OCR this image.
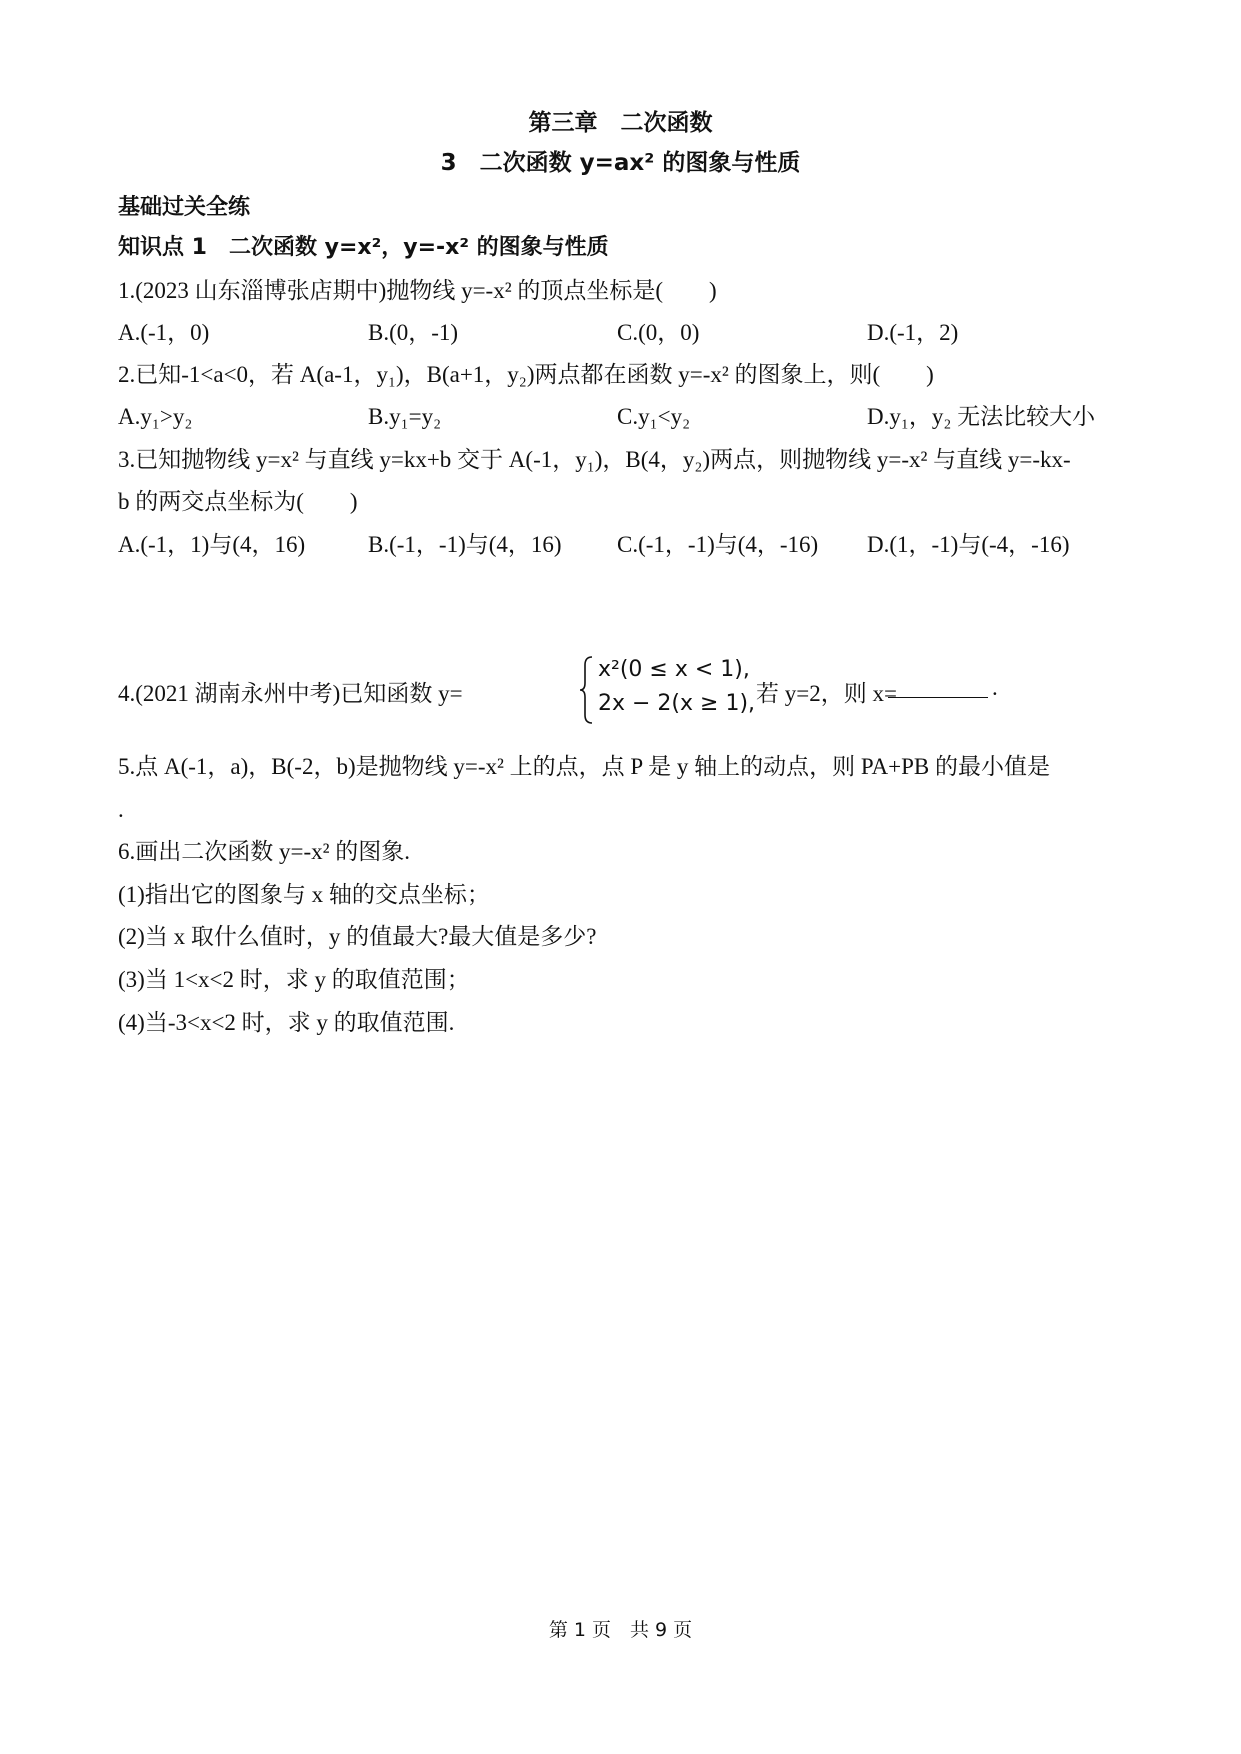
第三章　二次函数
3　二次函数 y=ax² 的图象与性质
基础过关全练
知识点 1　二次函数 y=x²，y=-x² 的图象与性质
1.(2023 山东淄博张店期中)抛物线 y=-x² 的顶点坐标是(　　)
A.(-1，0)	B.(0，-1)	C.(0，0)	D.(-1，2)
2.已知-1<a<0，若 A(a-1，y₁)，B(a+1，y₂)两点都在函数 y=-x² 的图象上，则(　　)
A.y₁>y₂	B.y₁=y₂	C.y₁<y₂	D.y₁，y₂ 无法比较大小
3.已知抛物线 y=x² 与直线 y=kx+b 交于 A(-1，y₁)，B(4，y₂)两点，则抛物线 y=-x² 与直线 y=-kx-
b 的两交点坐标为(　　)
A.(-1，1)与(4，16)	B.(-1，-1)与(4，16) C.(-1，-1)与(4，-16) D.(1，-1)与(-4，-16)
4.(2021 湖南永州中考)已知函数 y=
x²(0 ≤ x < 1),
2x − 2(x ≥ 1), 若 y=2，则 x=	.
5.点 A(-1，a)，B(-2，b)是抛物线 y=-x² 上的点，点 P 是 y 轴上的动点，则 PA+PB 的最小值是
.
6.画出二次函数 y=-x² 的图象.
(1)指出它的图象与 x 轴的交点坐标；
(2)当 x 取什么值时，y 的值最大?最大值是多少?
(3)当 1<x<2 时，求 y 的取值范围；
(4)当-3<x<2 时，求 y 的取值范围.
第 1 页　共 9 页
